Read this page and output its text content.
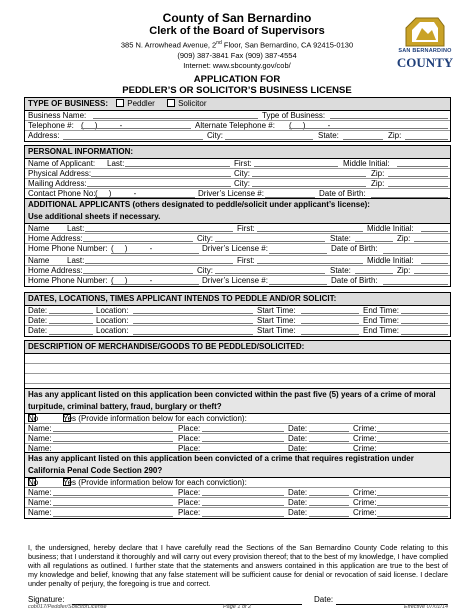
County of San Bernardino
Clerk of the Board of Supervisors
385 N. Arrowhead Avenue, 2nd Floor, San Bernardino, CA 92415-0130
(909) 387-3841 Fax (909) 387-4554
Internet: www.sbcounty.gov/cob/
APPLICATION FOR
PEDDLER’S OR SOLICITOR’S BUSINESS LICENSE
SAN BERNARDINO
COUNTY
TYPE OF BUSINESS: Peddler	Solicitor
Business Name:	Type of Business:
Telephone #: (     )          -	Alternate Telephone #: (     )          -
Address:	City:	State:	Zip:
PERSONAL INFORMATION:
Name of Applicant: Last:	First:	Middle Initial:
Physical Address:	City:	Zip:
Mailing Address:	City:	Zip:
Contact Phone No: (     )          -	Driver’s License #:	Date of Birth:
ADDITIONAL APPLICANTS (others designated to peddle/solicit under applicant’s license):
Use additional sheets if necessary.
Name Last:	First:	Middle Initial:
Home Address:	City:	State:	Zip:
Home Phone Number: (     )          -	Driver’s License #:	Date of Birth:
Name Last:	First:	Middle Initial:
Home Address:	City:	State:	Zip:
Home Phone Number: (     )          -	Driver’s License #:	Date of Birth:
DATES, LOCATIONS, TIMES APPLICANT INTENDS TO PEDDLE AND/OR SOLICIT:
Date:	Location:	Start Time:	End Time:
Date:	Location:	Start Time:	End Time:
Date:	Location:	Start Time:	End Time:
DESCRIPTION OF MERCHANDISE/GOODS TO BE PEDDLED/SOLICITED:
Has any applicant listed on this application been convicted within the past five (5) years of a crime of moral
turpitude, criminal battery, fraud, burglary or theft?
No	Yes (Provide information below for each conviction):
Name:	Place:	Date:	Crime:
Name:	Place:	Date:	Crime:
Name:	Place:	Date:	Crime:
Has any applicant listed on this application been convicted of a crime that requires registration under
California Penal Code Section 290?
No	Yes (Provide information below for each conviction):
Name:	Place:	Date:	Crime:
Name:	Place:	Date:	Crime:
Name:	Place:	Date:	Crime:
I, the undersigned, hereby declare that I have carefully read the Sections of the San Bernardino County Code relating to this business; that I understand it thoroughly and will carry out every provision thereof; that to the best of my knowledge, I have complied with all regulations as outlined. I further state that the statements and answers contained in this application are true to the best of my knowledge and belief, knowing that any false statement will be sufficient cause for denial or revocation of said license. I declare under penalty of perjury, the foregoing is true and correct.
Signature:	Date:
cob017/Peddler/SolicitorLicense	Page 1 of 2	Effective 07/01/14
